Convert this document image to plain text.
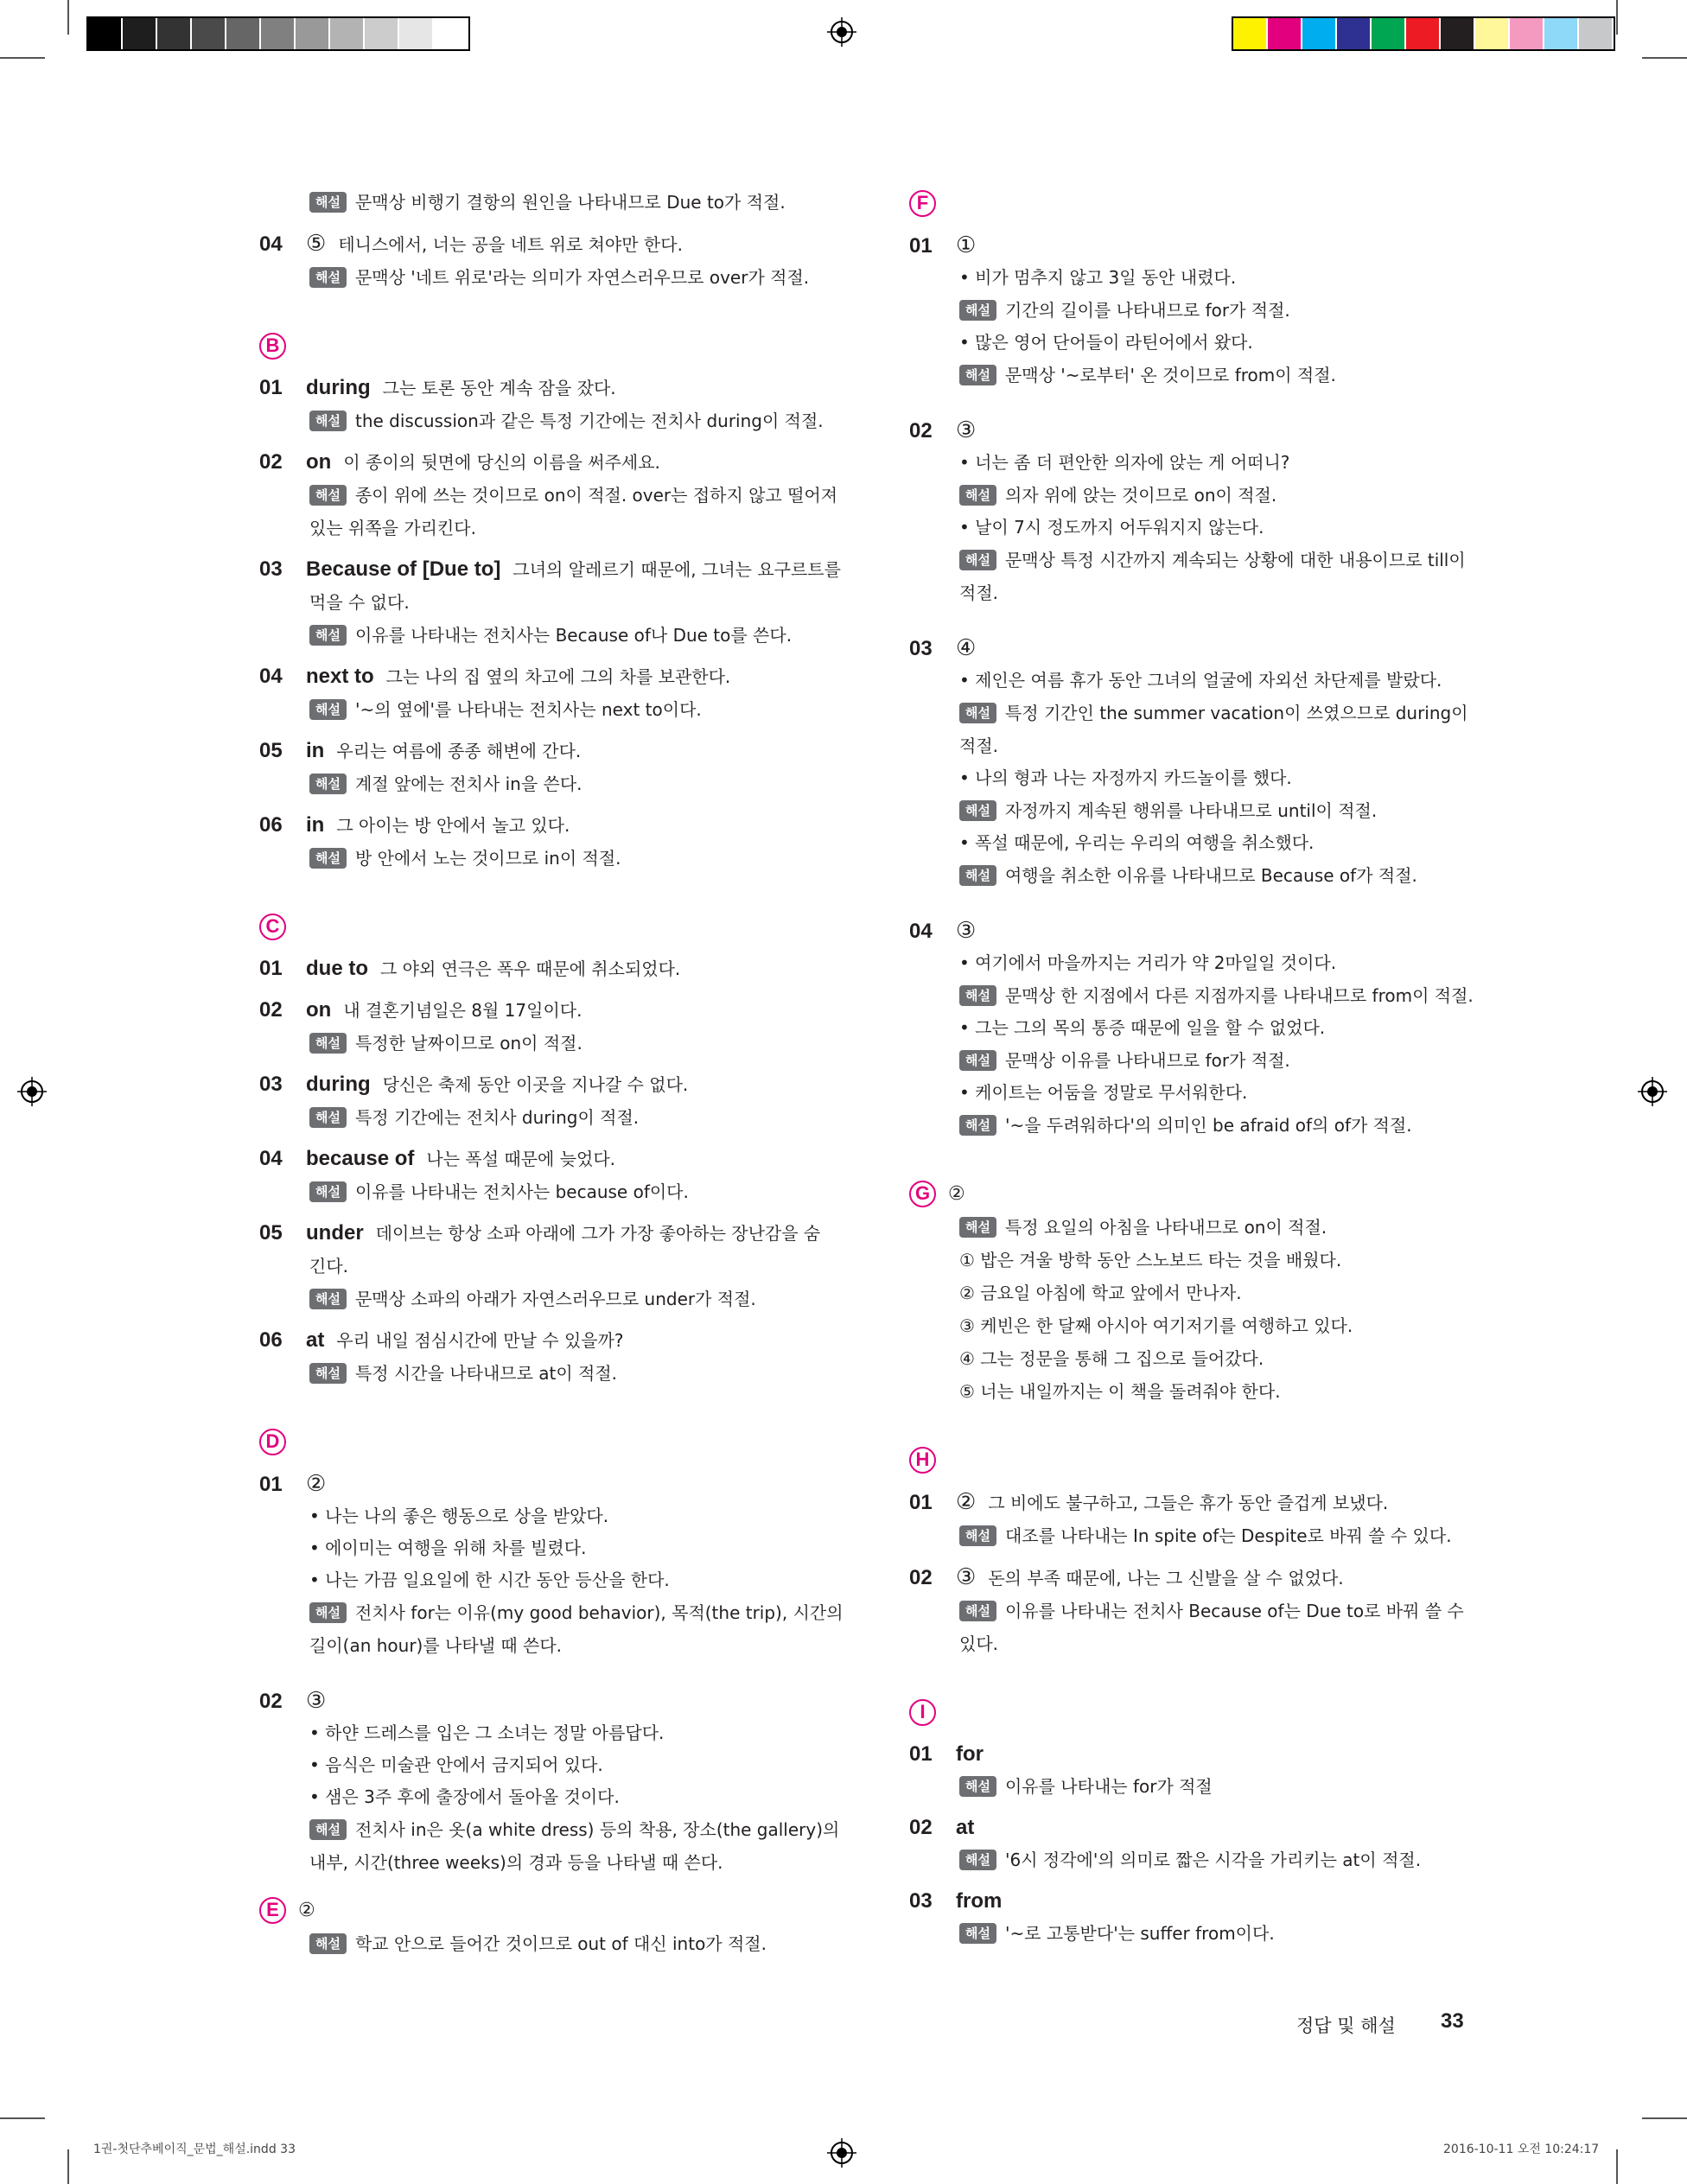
해설 문맥상 비행기 결항의 원인을 나타내므로 Due to가 적절.
04	⑤ 테니스에서, 너는 공을 네트 위로 쳐야만 한다.
해설 문맥상 '네트 위로'라는 의미가 자연스러우므로 over가 적절.
B
01	during 그는 토론 동안 계속 잠을 잤다.
해설 the discussion과 같은 특정 기간에는 전치사 during이 적절.
02	on 이 종이의 뒷면에 당신의 이름을 써주세요.
해설 종이 위에 쓰는 것이므로 on이 적절. over는 접하지 않고 떨어져
있는 위쪽을 가리킨다.
03	Because of [Due to] 그녀의 알레르기 때문에, 그녀는 요구르트를
먹을 수 없다.
해설 이유를 나타내는 전치사는 Because of나 Due to를 쓴다.
04	next to 그는 나의 집 옆의 차고에 그의 차를 보관한다.
해설 '~의 옆에'를 나타내는 전치사는 next to이다.
05	in 우리는 여름에 종종 해변에 간다.
해설 계절 앞에는 전치사 in을 쓴다.
06	in 그 아이는 방 안에서 놀고 있다.
해설 방 안에서 노는 것이므로 in이 적절.
C
01	due to 그 야외 연극은 폭우 때문에 취소되었다.
02	on 내 결혼기념일은 8월 17일이다.
해설 특정한 날짜이므로 on이 적절.
03	during 당신은 축제 동안 이곳을 지나갈 수 없다.
해설 특정 기간에는 전치사 during이 적절.
04	because of 나는 폭설 때문에 늦었다.
해설 이유를 나타내는 전치사는 because of이다.
05	under 데이브는 항상 소파 아래에 그가 가장 좋아하는 장난감을 숨
긴다.
해설 문맥상 소파의 아래가 자연스러우므로 under가 적절.
06	at 우리 내일 점심시간에 만날 수 있을까?
해설 특정 시간을 나타내므로 at이 적절.
D
01	②
• 나는 나의 좋은 행동으로 상을 받았다.
• 에이미는 여행을 위해 차를 빌렸다.
• 나는 가끔 일요일에 한 시간 동안 등산을 한다.
해설 전치사 for는 이유(my good behavior), 목적(the trip), 시간의
길이(an hour)를 나타낼 때 쓴다.
02	③
• 하얀 드레스를 입은 그 소녀는 정말 아름답다.
• 음식은 미술관 안에서 금지되어 있다.
• 샘은 3주 후에 출장에서 돌아올 것이다.
해설 전치사 in은 옷(a white dress) 등의 착용, 장소(the gallery)의
내부, 시간(three weeks)의 경과 등을 나타낼 때 쓴다.
E	②
해설 학교 안으로 들어간 것이므로 out of 대신 into가 적절.
F
01	①
• 비가 멈추지 않고 3일 동안 내렸다.
해설 기간의 길이를 나타내므로 for가 적절.
• 많은 영어 단어들이 라틴어에서 왔다.
해설 문맥상 '~로부터' 온 것이므로 from이 적절.
02	③
• 너는 좀 더 편안한 의자에 앉는 게 어떠니?
해설 의자 위에 앉는 것이므로 on이 적절.
• 날이 7시 정도까지 어두워지지 않는다.
해설 문맥상 특정 시간까지 계속되는 상황에 대한 내용이므로 till이
적절.
03	④
• 제인은 여름 휴가 동안 그녀의 얼굴에 자외선 차단제를 발랐다.
해설 특정 기간인 the summer vacation이 쓰였으므로 during이
적절.
• 나의 형과 나는 자정까지 카드놀이를 했다.
해설 자정까지 계속된 행위를 나타내므로 until이 적절.
• 폭설 때문에, 우리는 우리의 여행을 취소했다.
해설 여행을 취소한 이유를 나타내므로 Because of가 적절.
04	③
• 여기에서 마을까지는 거리가 약 2마일일 것이다.
해설 문맥상 한 지점에서 다른 지점까지를 나타내므로 from이 적절.
• 그는 그의 목의 통증 때문에 일을 할 수 없었다.
해설 문맥상 이유를 나타내므로 for가 적절.
• 케이트는 어둠을 정말로 무서워한다.
해설 '~을 두려워하다'의 의미인 be afraid of의 of가 적절.
G ②
해설 특정 요일의 아침을 나타내므로 on이 적절.
① 밥은 겨울 방학 동안 스노보드 타는 것을 배웠다.
② 금요일 아침에 학교 앞에서 만나자.
③ 케빈은 한 달째 아시아 여기저기를 여행하고 있다.
④ 그는 정문을 통해 그 집으로 들어갔다.
⑤ 너는 내일까지는 이 책을 돌려줘야 한다.
H
01	② 그 비에도 불구하고, 그들은 휴가 동안 즐겁게 보냈다.
해설 대조를 나타내는 In spite of는 Despite로 바꿔 쓸 수 있다.
02	③ 돈의 부족 때문에, 나는 그 신발을 살 수 없었다.
해설 이유를 나타내는 전치사 Because of는 Due to로 바꿔 쓸 수
있다.
I
01	for
해설 이유를 나타내는 for가 적절
02	at
해설 '6시 정각에'의 의미로 짧은 시각을 가리키는 at이 적절.
03	from
해설 '~로 고통받다'는 suffer from이다.
정답 및 해설 33
1권-첫단추베이직_문법_해설.indd 33	2016-10-11 오전 10:24:17
